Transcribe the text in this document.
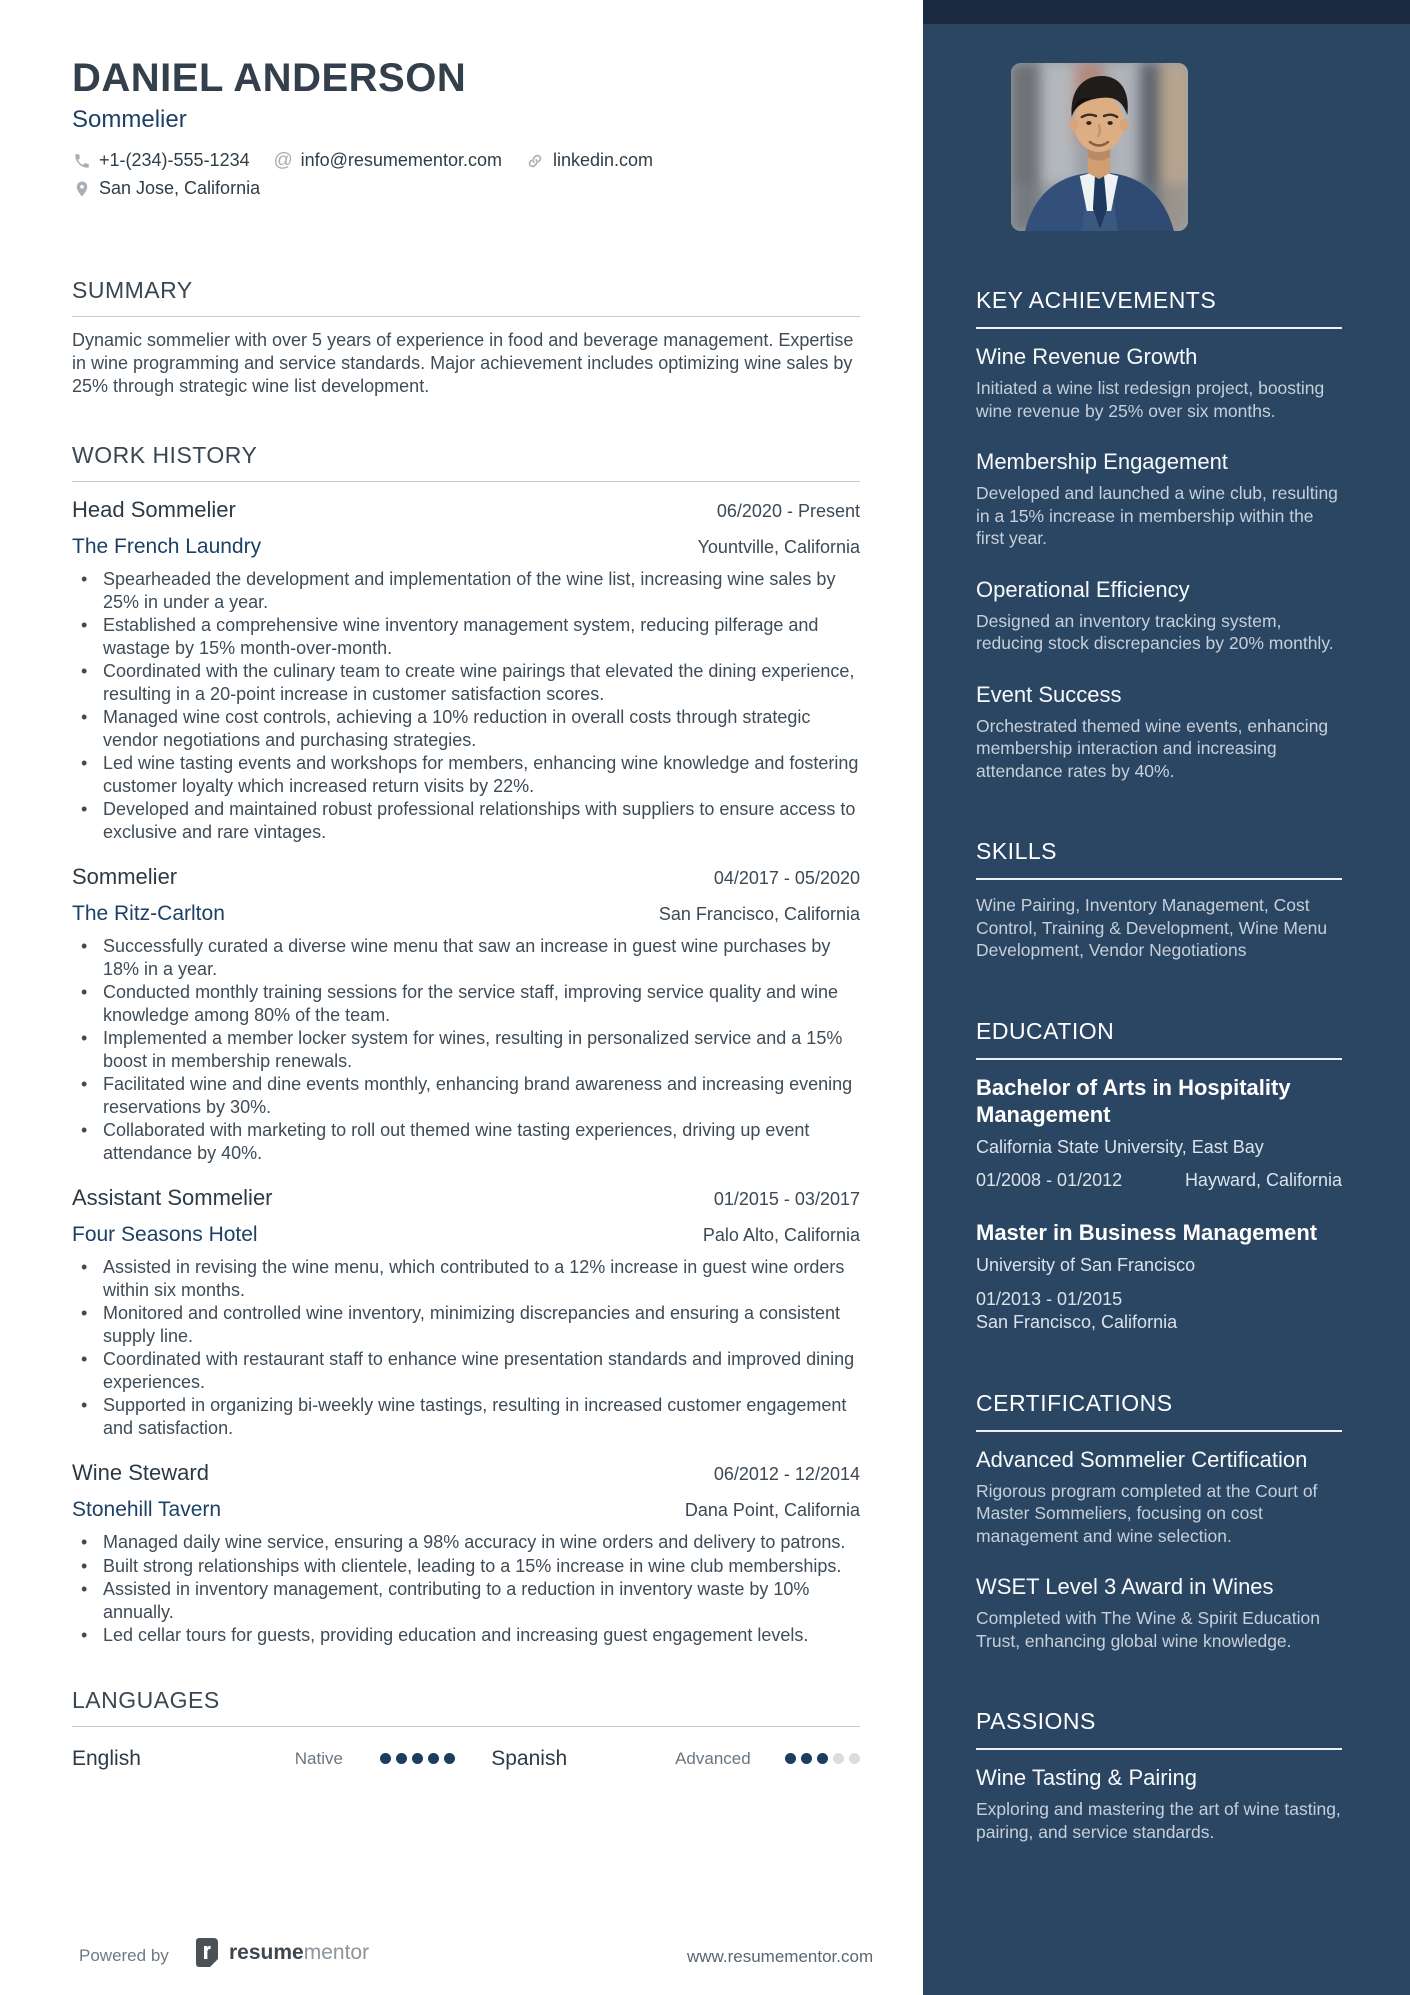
DANIEL ANDERSON
Sommelier
+1-(234)-555-1234 @ info@resumementor.com	linkedin.com
San Jose, California
SUMMARY
Dynamic sommelier with over 5 years of experience in food and beverage management. Expertise in wine programming and service standards. Major achievement includes optimizing wine sales by 25% through strategic wine list development.
WORK HISTORY
Head Sommelier	06/2020 - Present
The French Laundry	Yountville, California
• Spearheaded the development and implementation of the wine list, increasing wine sales by 25% in under a year.
• Established a comprehensive wine inventory management system, reducing pilferage and wastage by 15% month-over-month.
• Coordinated with the culinary team to create wine pairings that elevated the dining experience, resulting in a 20-point increase in customer satisfaction scores.
• Managed wine cost controls, achieving a 10% reduction in overall costs through strategic vendor negotiations and purchasing strategies.
• Led wine tasting events and workshops for members, enhancing wine knowledge and fostering customer loyalty which increased return visits by 22%.
• Developed and maintained robust professional relationships with suppliers to ensure access to exclusive and rare vintages.
Sommelier	04/2017 - 05/2020
The Ritz-Carlton	San Francisco, California
• Successfully curated a diverse wine menu that saw an increase in guest wine purchases by 18% in a year.
• Conducted monthly training sessions for the service staff, improving service quality and wine knowledge among 80% of the team.
• Implemented a member locker system for wines, resulting in personalized service and a 15% boost in membership renewals.
• Facilitated wine and dine events monthly, enhancing brand awareness and increasing evening reservations by 30%.
• Collaborated with marketing to roll out themed wine tasting experiences, driving up event attendance by 40%.
Assistant Sommelier	01/2015 - 03/2017
Four Seasons Hotel	Palo Alto, California
• Assisted in revising the wine menu, which contributed to a 12% increase in guest wine orders within six months.
• Monitored and controlled wine inventory, minimizing discrepancies and ensuring a consistent supply line.
• Coordinated with restaurant staff to enhance wine presentation standards and improved dining experiences.
• Supported in organizing bi-weekly wine tastings, resulting in increased customer engagement and satisfaction.
Wine Steward	06/2012 - 12/2014
Stonehill Tavern	Dana Point, California
• Managed daily wine service, ensuring a 98% accuracy in wine orders and delivery to patrons.
• Built strong relationships with clientele, leading to a 15% increase in wine club memberships.
• Assisted in inventory management, contributing to a reduction in inventory waste by 10% annually.
• Led cellar tours for guests, providing education and increasing guest engagement levels.
LANGUAGES
English	Native	Spanish	Advanced
KEY ACHIEVEMENTS
Wine Revenue Growth
Initiated a wine list redesign project, boosting wine revenue by 25% over six months.
Membership Engagement
Developed and launched a wine club, resulting in a 15% increase in membership within the first year.
Operational Efficiency
Designed an inventory tracking system, reducing stock discrepancies by 20% monthly.
Event Success
Orchestrated themed wine events, enhancing membership interaction and increasing attendance rates by 40%.
SKILLS
Wine Pairing, Inventory Management, Cost Control, Training & Development, Wine Menu Development, Vendor Negotiations
EDUCATION
Bachelor of Arts in Hospitality Management
California State University, East Bay
01/2008 - 01/2012	Hayward, California
Master in Business Management
University of San Francisco
01/2013 - 01/2015
San Francisco, California
CERTIFICATIONS
Advanced Sommelier Certification
Rigorous program completed at the Court of Master Sommeliers, focusing on cost management and wine selection.
WSET Level 3 Award in Wines
Completed with The Wine & Spirit Education Trust, enhancing global wine knowledge.
PASSIONS
Wine Tasting & Pairing
Exploring and mastering the art of wine tasting, pairing, and service standards.
Powered by	resumementor	www.resumementor.com
